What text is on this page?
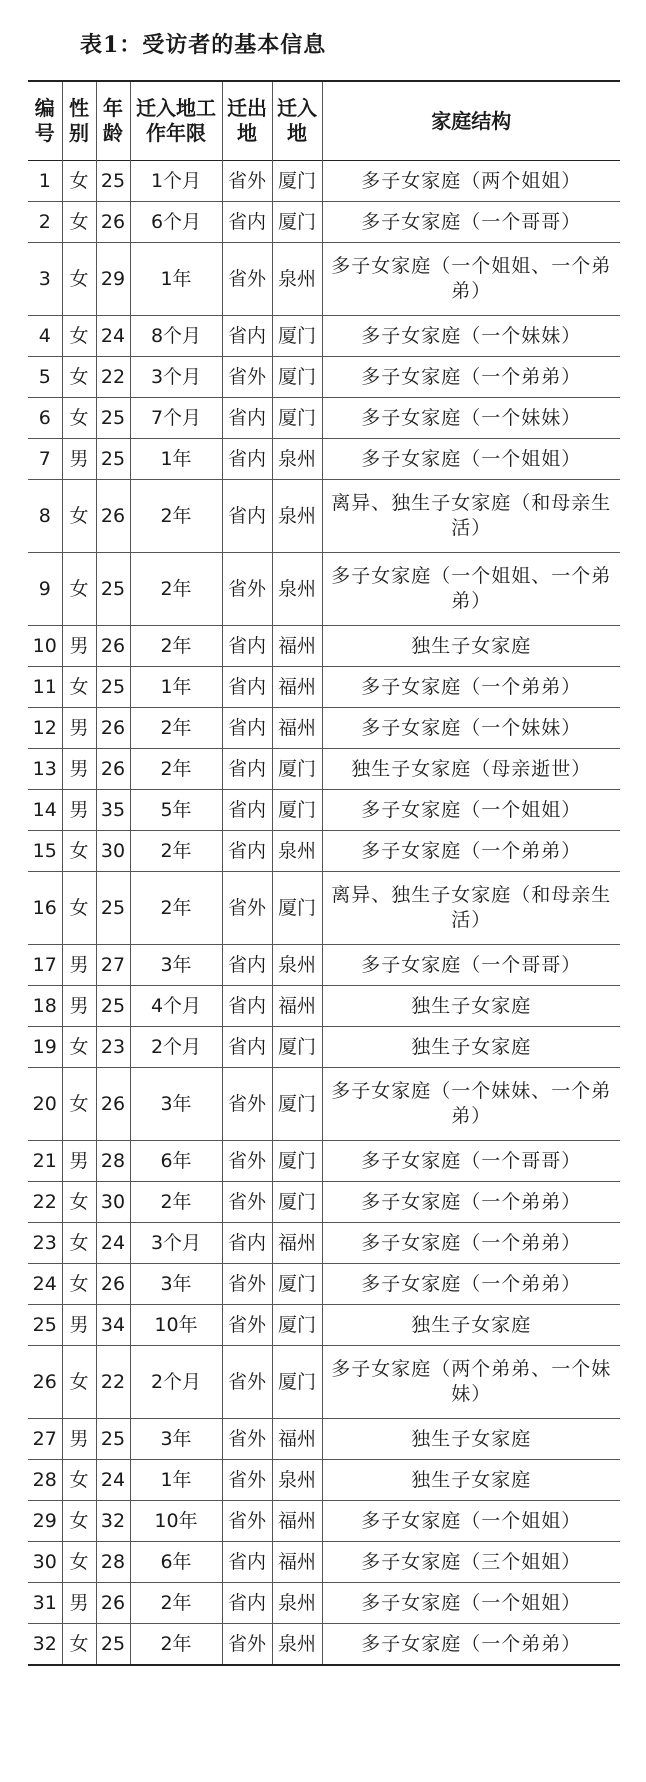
表1：受访者的基本信息
编号	性别	年龄	迁入地工作年限	迁出地	迁入地	家庭结构
1	女	25	1个月	省外	厦门	多子女家庭（两个姐姐）
2	女	26	6个月	省内	厦门	多子女家庭（一个哥哥）
3	女	29	1年	省外	泉州	多子女家庭（一个姐姐、一个弟弟）
4	女	24	8个月	省内	厦门	多子女家庭（一个妹妹）
5	女	22	3个月	省外	厦门	多子女家庭（一个弟弟）
6	女	25	7个月	省内	厦门	多子女家庭（一个妹妹）
7	男	25	1年	省内	泉州	多子女家庭（一个姐姐）
8	女	26	2年	省内	泉州	离异、独生子女家庭（和母亲生活）
9	女	25	2年	省外	泉州	多子女家庭（一个姐姐、一个弟弟）
10	男	26	2年	省内	福州	独生子女家庭
11	女	25	1年	省内	福州	多子女家庭（一个弟弟）
12	男	26	2年	省内	福州	多子女家庭（一个妹妹）
13	男	26	2年	省内	厦门	独生子女家庭（母亲逝世）
14	男	35	5年	省内	厦门	多子女家庭（一个姐姐）
15	女	30	2年	省内	泉州	多子女家庭（一个弟弟）
16	女	25	2年	省外	厦门	离异、独生子女家庭（和母亲生活）
17	男	27	3年	省内	泉州	多子女家庭（一个哥哥）
18	男	25	4个月	省内	福州	独生子女家庭
19	女	23	2个月	省内	厦门	独生子女家庭
20	女	26	3年	省外	厦门	多子女家庭（一个妹妹、一个弟弟）
21	男	28	6年	省外	厦门	多子女家庭（一个哥哥）
22	女	30	2年	省外	厦门	多子女家庭（一个弟弟）
23	女	24	3个月	省内	福州	多子女家庭（一个弟弟）
24	女	26	3年	省外	厦门	多子女家庭（一个弟弟）
25	男	34	10年	省外	厦门	独生子女家庭
26	女	22	2个月	省外	厦门	多子女家庭（两个弟弟、一个妹妹）
27	男	25	3年	省外	福州	独生子女家庭
28	女	24	1年	省外	泉州	独生子女家庭
29	女	32	10年	省外	福州	多子女家庭（一个姐姐）
30	女	28	6年	省内	福州	多子女家庭（三个姐姐）
31	男	26	2年	省内	泉州	多子女家庭（一个姐姐）
32	女	25	2年	省外	泉州	多子女家庭（一个弟弟）
